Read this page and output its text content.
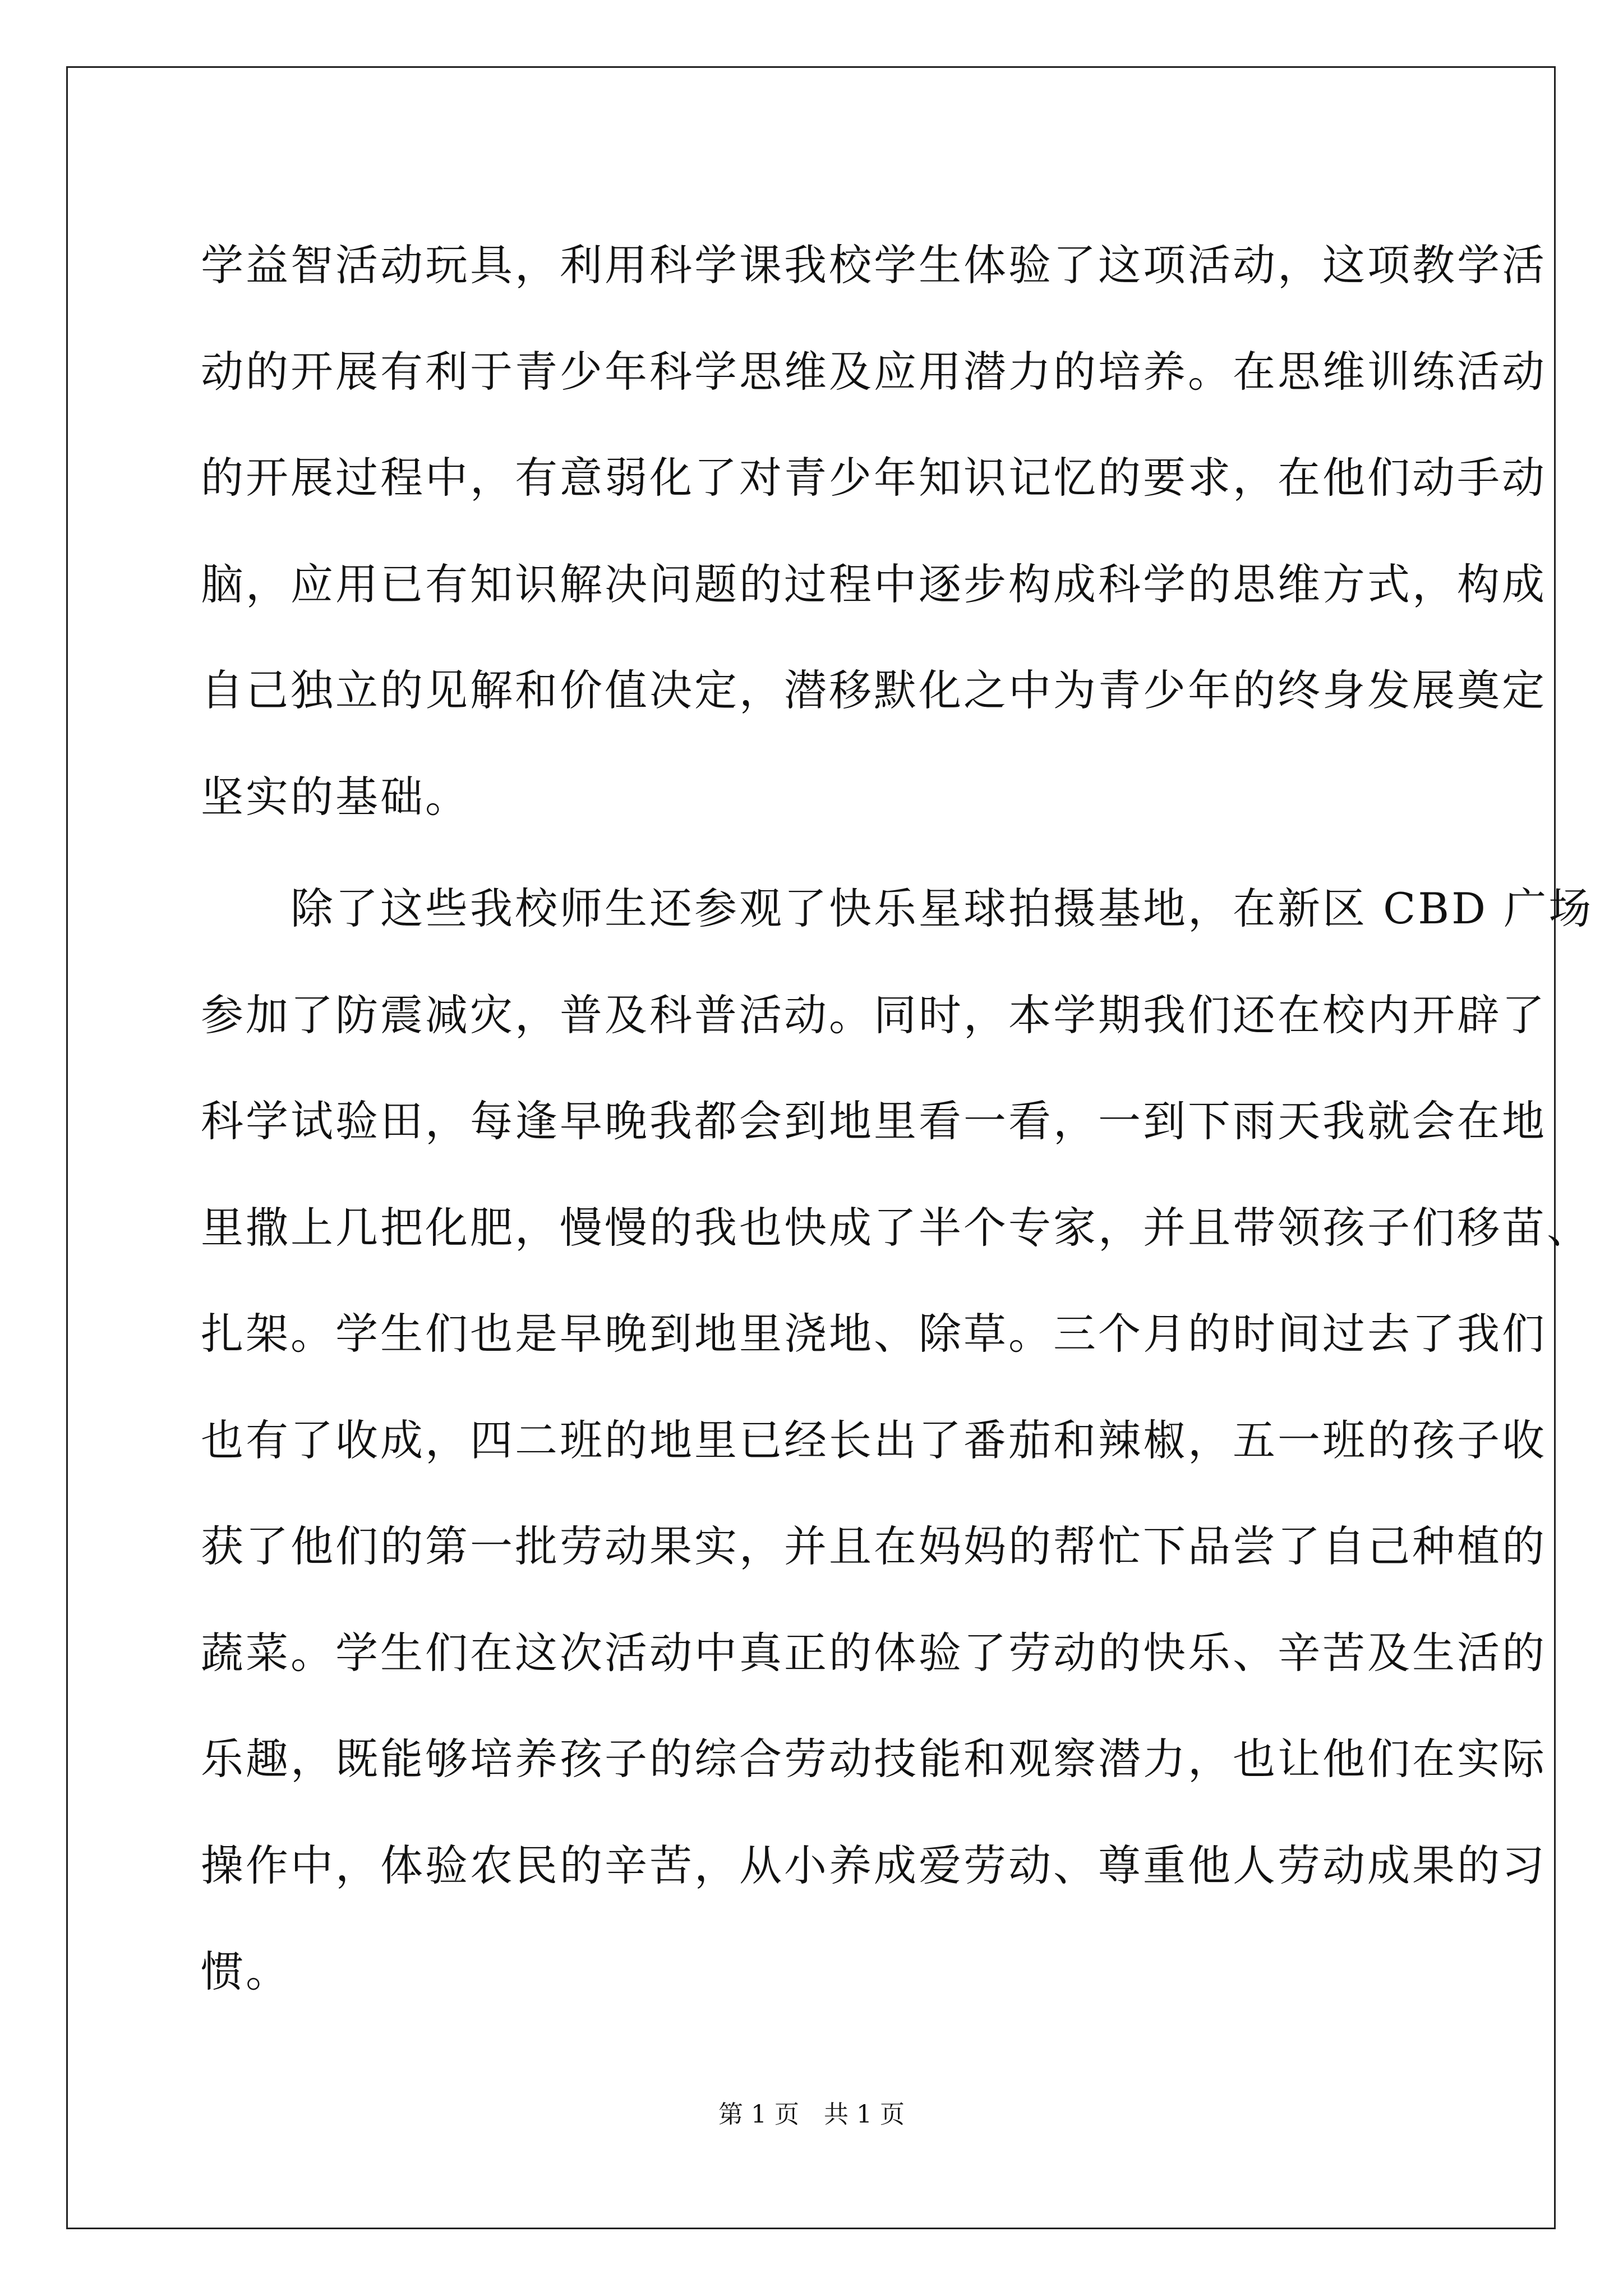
学益智活动玩具，利用科学课我校学生体验了这项活动，这项教学活
动的开展有利于青少年科学思维及应用潜力的培养。在思维训练活动
的开展过程中，有意弱化了对青少年知识记忆的要求，在他们动手动
脑，应用已有知识解决问题的过程中逐步构成科学的思维方式，构成
自己独立的见解和价值决定，潜移默化之中为青少年的终身发展奠定
坚实的基础。
　　除了这些我校师生还参观了快乐星球拍摄基地，在新区 CBD 广场
参加了防震减灾，普及科普活动。同时，本学期我们还在校内开辟了
科学试验田，每逢早晚我都会到地里看一看，一到下雨天我就会在地
里撒上几把化肥，慢慢的我也快成了半个专家，并且带领孩子们移苗、
扎架。学生们也是早晚到地里浇地、除草。三个月的时间过去了我们
也有了收成，四二班的地里已经长出了番茄和辣椒，五一班的孩子收
获了他们的第一批劳动果实，并且在妈妈的帮忙下品尝了自己种植的
蔬菜。学生们在这次活动中真正的体验了劳动的快乐、辛苦及生活的
乐趣，既能够培养孩子的综合劳动技能和观察潜力，也让他们在实际
操作中，体验农民的辛苦，从小养成爱劳动、尊重他人劳动成果的习
惯。
第 1 页　共 1 页
